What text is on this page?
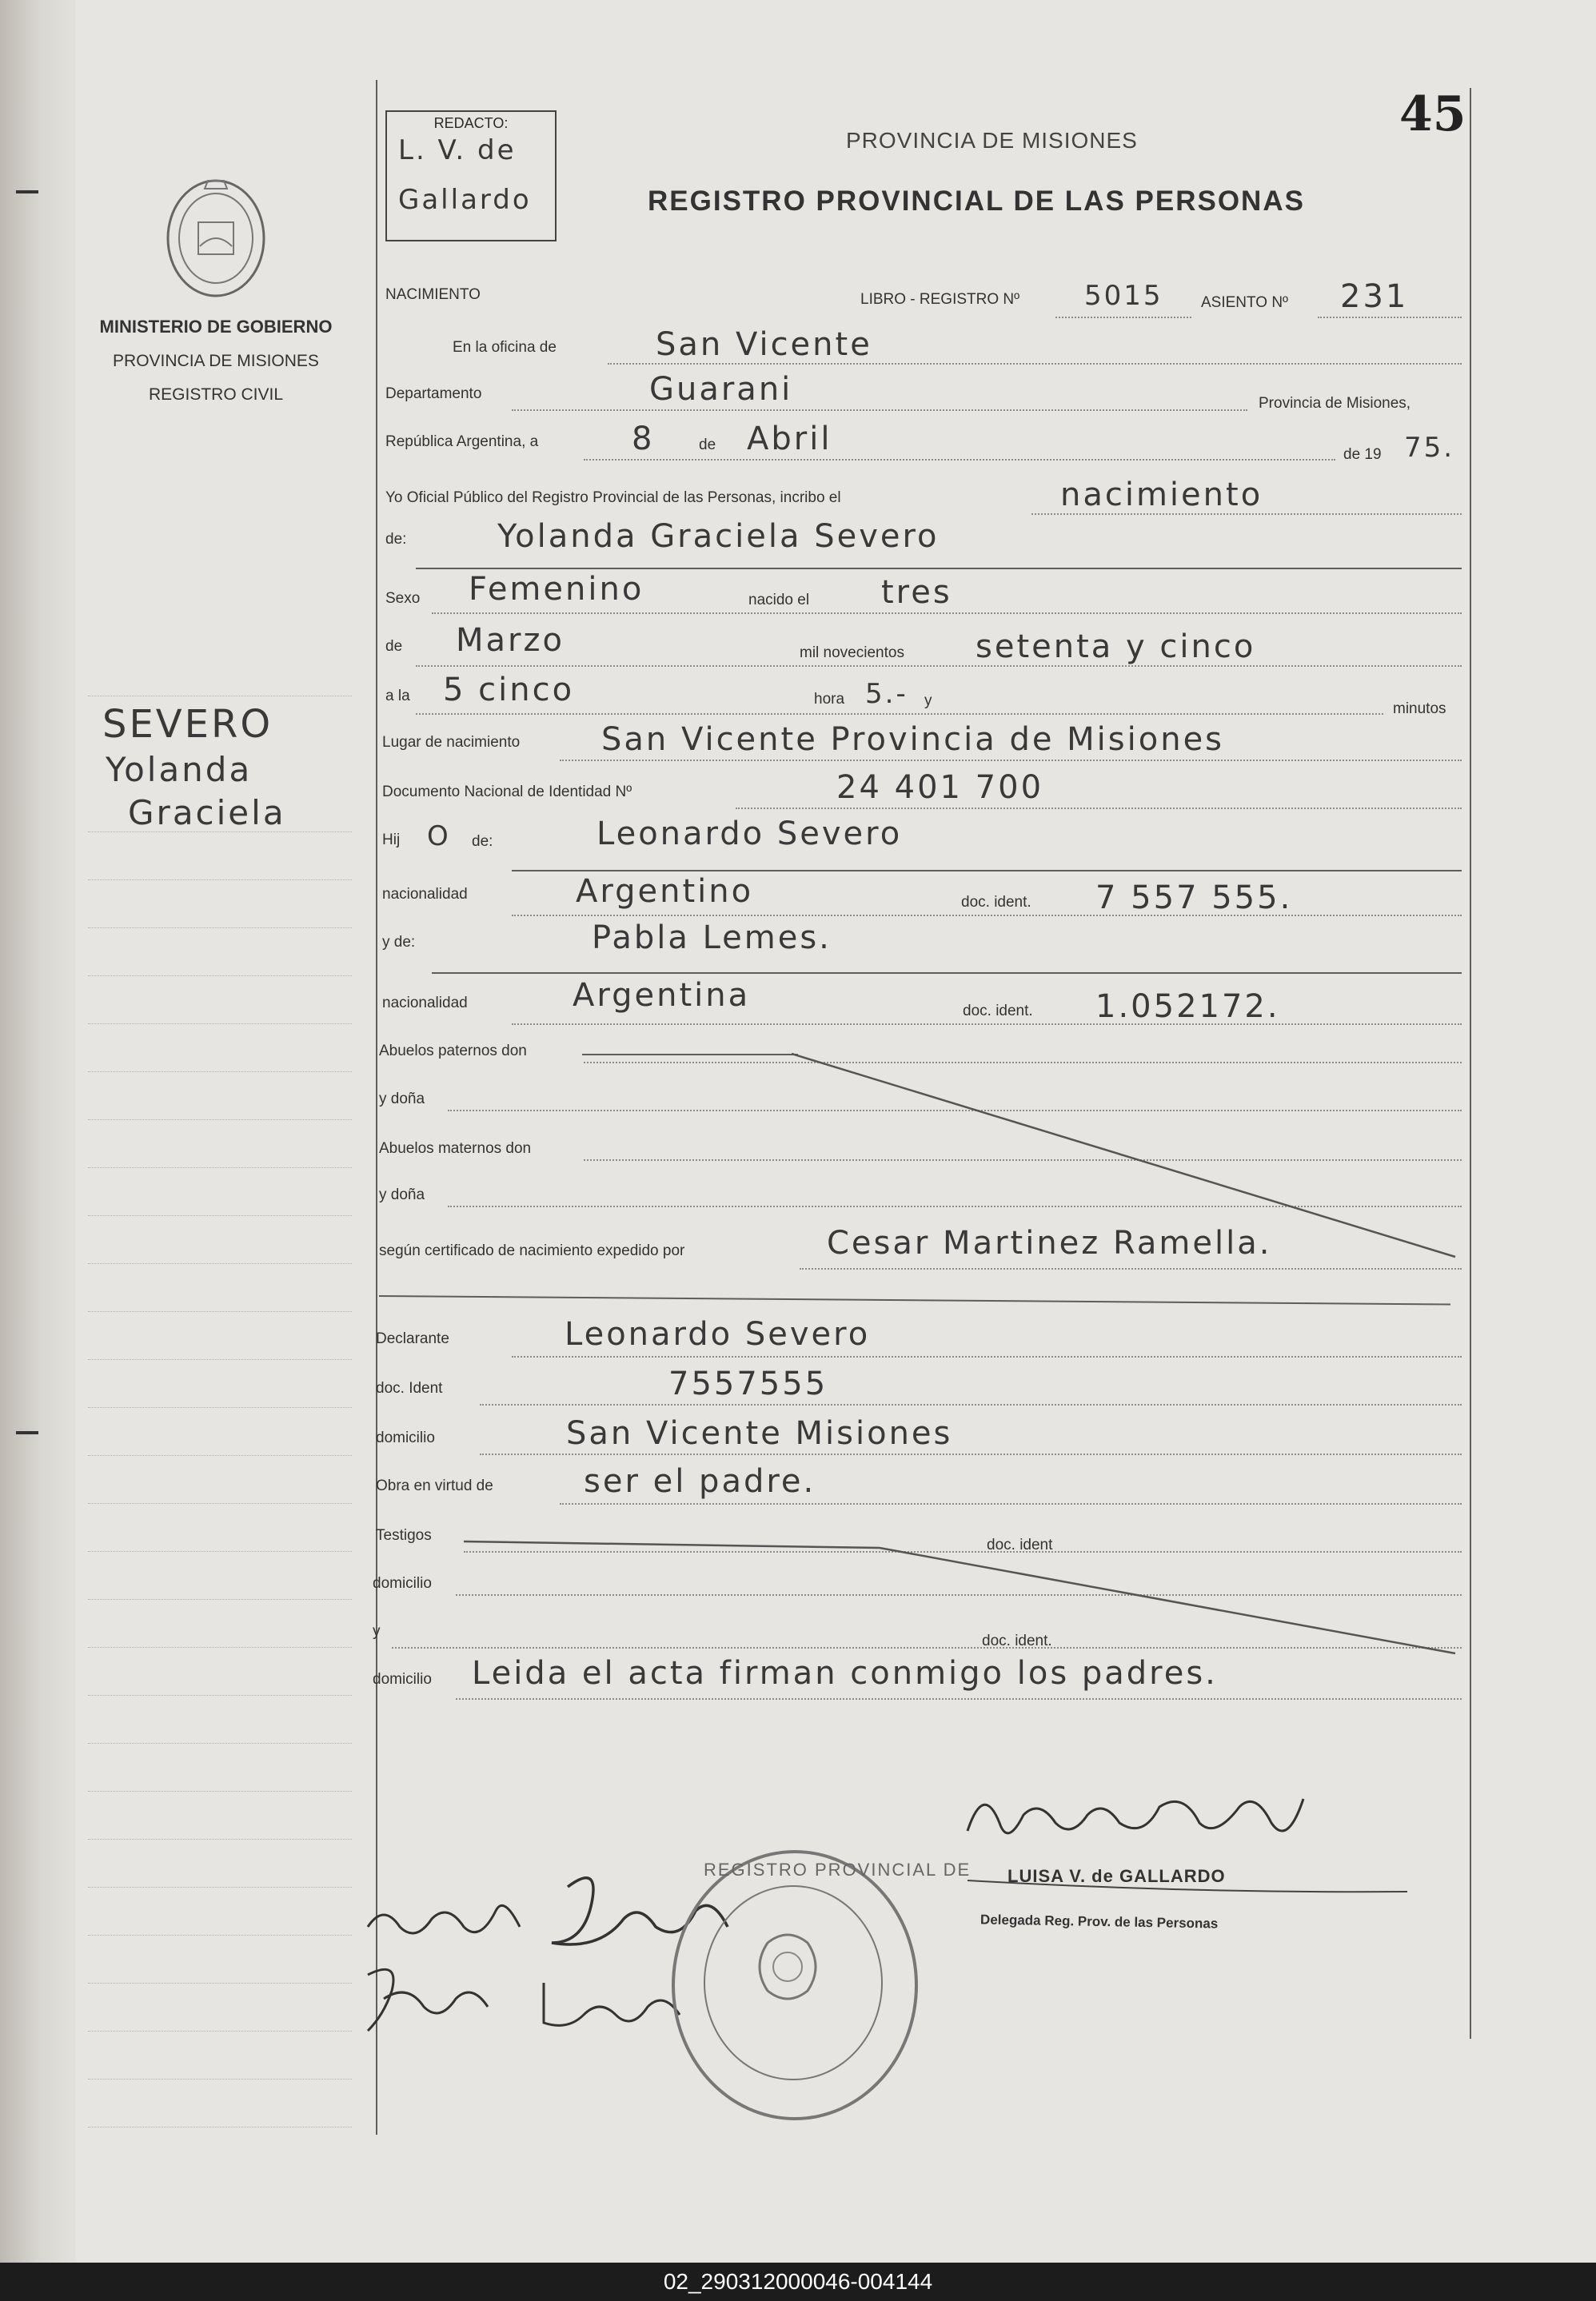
MINISTERIO DE GOBIERNO
PROVINCIA DE MISIONES
REGISTRO CIVIL
REDACTO:
L. V. de
Gallardo
PROVINCIA DE MISIONES
REGISTRO PROVINCIAL DE LAS PERSONAS
45
SEVERO
Yolanda
Graciela
NACIMIENTO	LIBRO - REGISTRO Nº 5015 ASIENTO Nº 231
En la oficina de	San Vicente
Departamento	Guarani	Provincia de Misiones,
República Argentina, a	8	de Abril	de 19 75.
Yo Oficial Público del Registro Provincial de las Personas, incribo el	nacimiento
de:	Yolanda Graciela Severo
Sexo Femenino	nacido el tres
de Marzo	mil novecientos setenta y cinco
a la 5 cinco	hora 5.- y	minutos
Lugar de nacimiento	San Vicente Provincia de Misiones
Documento Nacional de Identidad Nº	24 401 700
Hij O de:	Leonardo Severo
nacionalidad	Argentino	doc. ident. 7 557 555.
y de:	Pabla Lemes.
nacionalidad	Argentina	doc. ident. 1.052172.
Abuelos paternos don
y doña
Abuelos maternos don
y doña
según certificado de nacimiento expedido por	Cesar Martinez Ramella.
Declarante	Leonardo Severo
doc. Ident	7557555
domicilio	San Vicente Misiones
Obra en virtud de	ser el padre.
Testigos
doc. ident
domicilio
y
doc. ident.
domicilio Leida el acta firman conmigo los padres.
LUISA V. de GALLARDO
Delegada Reg. Prov. de las Personas
REGISTRO PROVINCIAL DE
02_290312000046-004144
